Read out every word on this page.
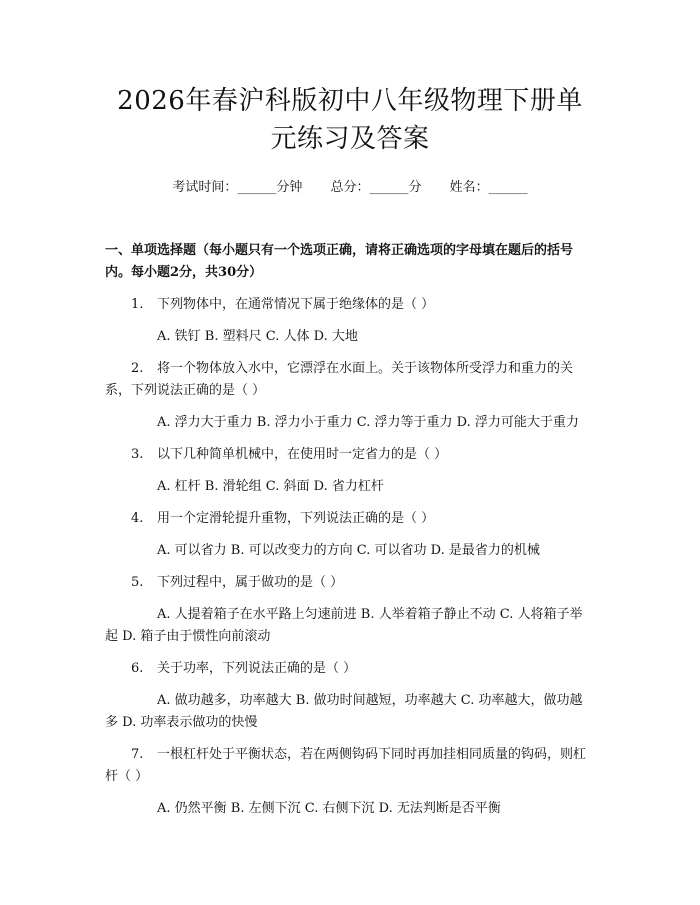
2026年春沪科版初中八年级物理下册单元练习及答案
考试时间：______分钟 总分：______分 姓名：______
一、单项选择题（每小题只有一个选项正确，请将正确选项的字母填在题后的括号内。每小题2分，共30分）
1. 下列物体中，在通常情况下属于绝缘体的是（ ）
A. 铁钉 B. 塑料尺 C. 人体 D. 大地
2. 将一个物体放入水中，它漂浮在水面上。关于该物体所受浮力和重力的关系，下列说法正确的是（ ）
A. 浮力大于重力 B. 浮力小于重力 C. 浮力等于重力 D. 浮力可能大于重力
3. 以下几种简单机械中，在使用时一定省力的是（ ）
A. 杠杆 B. 滑轮组 C. 斜面 D. 省力杠杆
4. 用一个定滑轮提升重物，下列说法正确的是（ ）
A. 可以省力 B. 可以改变力的方向 C. 可以省功 D. 是最省力的机械
5. 下列过程中，属于做功的是（ ）
A. 人提着箱子在水平路上匀速前进 B. 人举着箱子静止不动 C. 人将箱子举起 D. 箱子由于惯性向前滚动
6. 关于功率，下列说法正确的是（ ）
A. 做功越多，功率越大 B. 做功时间越短，功率越大 C. 功率越大，做功越多 D. 功率表示做功的快慢
7. 一根杠杆处于平衡状态，若在两侧钩码下同时再加挂相同质量的钩码，则杠杆（ ）
A. 仍然平衡 B. 左侧下沉 C. 右侧下沉 D. 无法判断是否平衡
